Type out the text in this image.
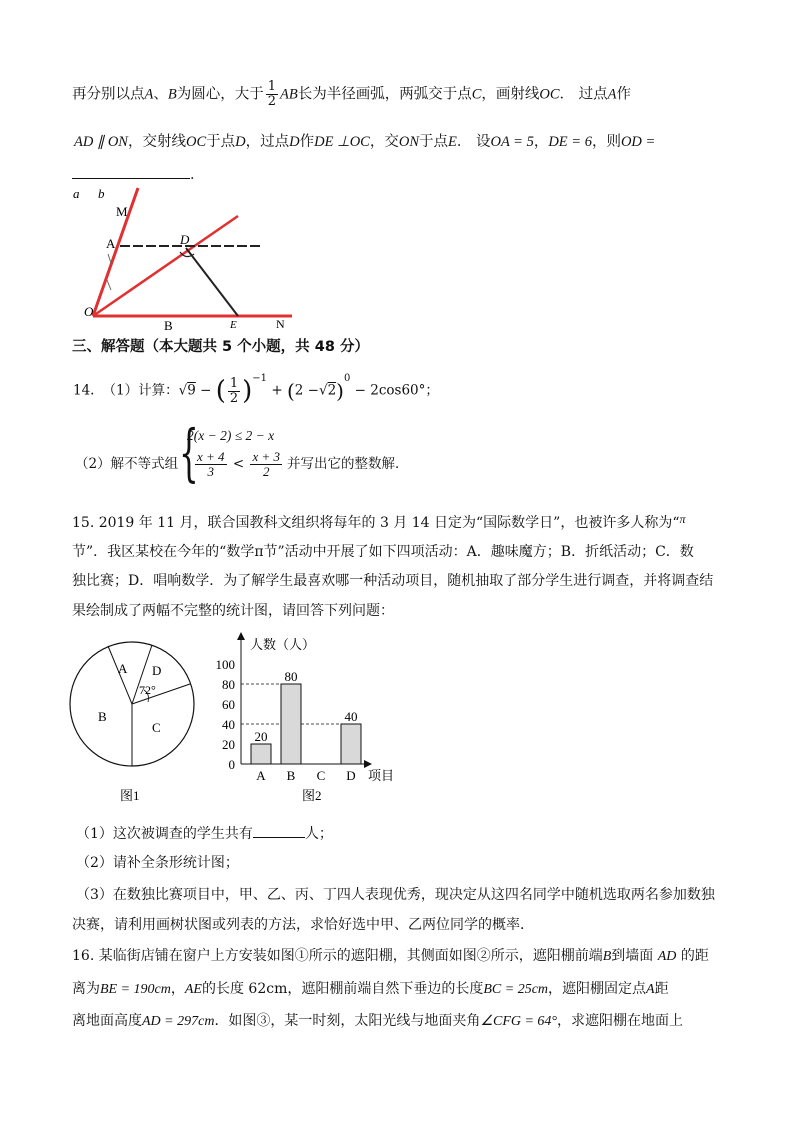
再分别以点A、B为圆心，大于 $\frac{1}{2}$ AB长为半径画弧，两弧交于点C，画射线OC． 过点A作
AD ∥ ON，交射线OC于点D，过点D作DE ⊥OC，交ON于点E． 设OA = 5，DE = 6，则OD =
．
a b
M
N
A	D
O
B	E
三、解答题（本大题共 5 个小题，共 48 分）
14. （1）计算：√9 − ( $\frac{1}{2} )^{-1} + (2 -√2)^0 - 2\cos 60^\circ$；
（2）解不等式组 {
2(x − 2) ≤ 2 − x
$\frac{x + 4}{3} < \frac{x + 3}{2}$ 并写出它的整数解．
15. 2019 年 11 月，联合国教科文组织将每年的 3 月 14 日定为“国际数学日”，也被许多人称为“π
节”．我区某校在今年的“数学π节”活动中开展了如下四项活动：A．趣味魔方；B．折纸活动；C．数
独比赛；D．唱响数学．为了解学生最喜欢哪一种活动项目，随机抽取了部分学生进行调查，并将调查结
果绘制成了两幅不完整的统计图，请回答下列问题：
A D
B
C
72°
图1
人数（人）
项目
图2
0
20
40
60
80
100
20
A
80
B C
40
D
（1）这次被调查的学生共有	人；
（2）请补全条形统计图；
（3）在数独比赛项目中，甲、乙、丙、丁四人表现优秀，现决定从这四名同学中随机选取两名参加数独
决赛，请利用画树状图或列表的方法，求恰好选中甲、乙两位同学的概率．
16. 某临街店铺在窗户上方安装如图①所示的遮阳棚，其侧面如图②所示，遮阳棚前端B到墙面 AD 的距
离为BE = 190cm，AE的长度 62cm，遮阳棚前端自然下垂边的长度BC = 25cm，遮阳棚固定点A距
离地面高度AD = 297cm．如图③，某一时刻，太阳光线与地面夹角∠CFG = 64°，求遮阳棚在地面上
